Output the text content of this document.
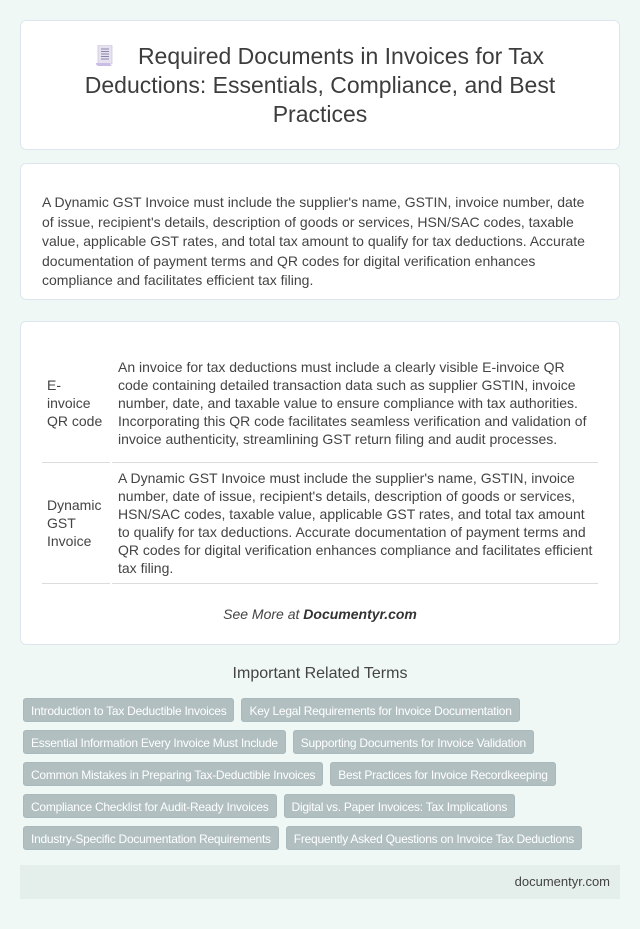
Required Documents in Invoices for Tax Deductions: Essentials, Compliance, and Best Practices

A Dynamic GST Invoice must include the supplier's name, GSTIN, invoice number, date of issue, recipient's details, description of goods or services, HSN/SAC codes, taxable value, applicable GST rates, and total tax amount to qualify for tax deductions. Accurate documentation of payment terms and QR codes for digital verification enhances compliance and facilitates efficient tax filing.

E-invoice QR code	An invoice for tax deductions must include a clearly visible E-invoice QR code containing detailed transaction data such as supplier GSTIN, invoice number, date, and taxable value to ensure compliance with tax authorities. Incorporating this QR code facilitates seamless verification and validation of invoice authenticity, streamlining GST return filing and audit processes.
Dynamic GST Invoice	A Dynamic GST Invoice must include the supplier's name, GSTIN, invoice number, date of issue, recipient's details, description of goods or services, HSN/SAC codes, taxable value, applicable GST rates, and total tax amount to qualify for tax deductions. Accurate documentation of payment terms and QR codes for digital verification enhances compliance and facilitates efficient tax filing.
See More at Documentyr.com
Important Related Terms
Introduction to Tax Deductible Invoices	Key Legal Requirements for Invoice Documentation
Essential Information Every Invoice Must Include	Supporting Documents for Invoice Validation
Common Mistakes in Preparing Tax-Deductible Invoices	Best Practices for Invoice Recordkeeping
Compliance Checklist for Audit-Ready Invoices	Digital vs. Paper Invoices: Tax Implications
Industry-Specific Documentation Requirements	Frequently Asked Questions on Invoice Tax Deductions
documentyr.com
